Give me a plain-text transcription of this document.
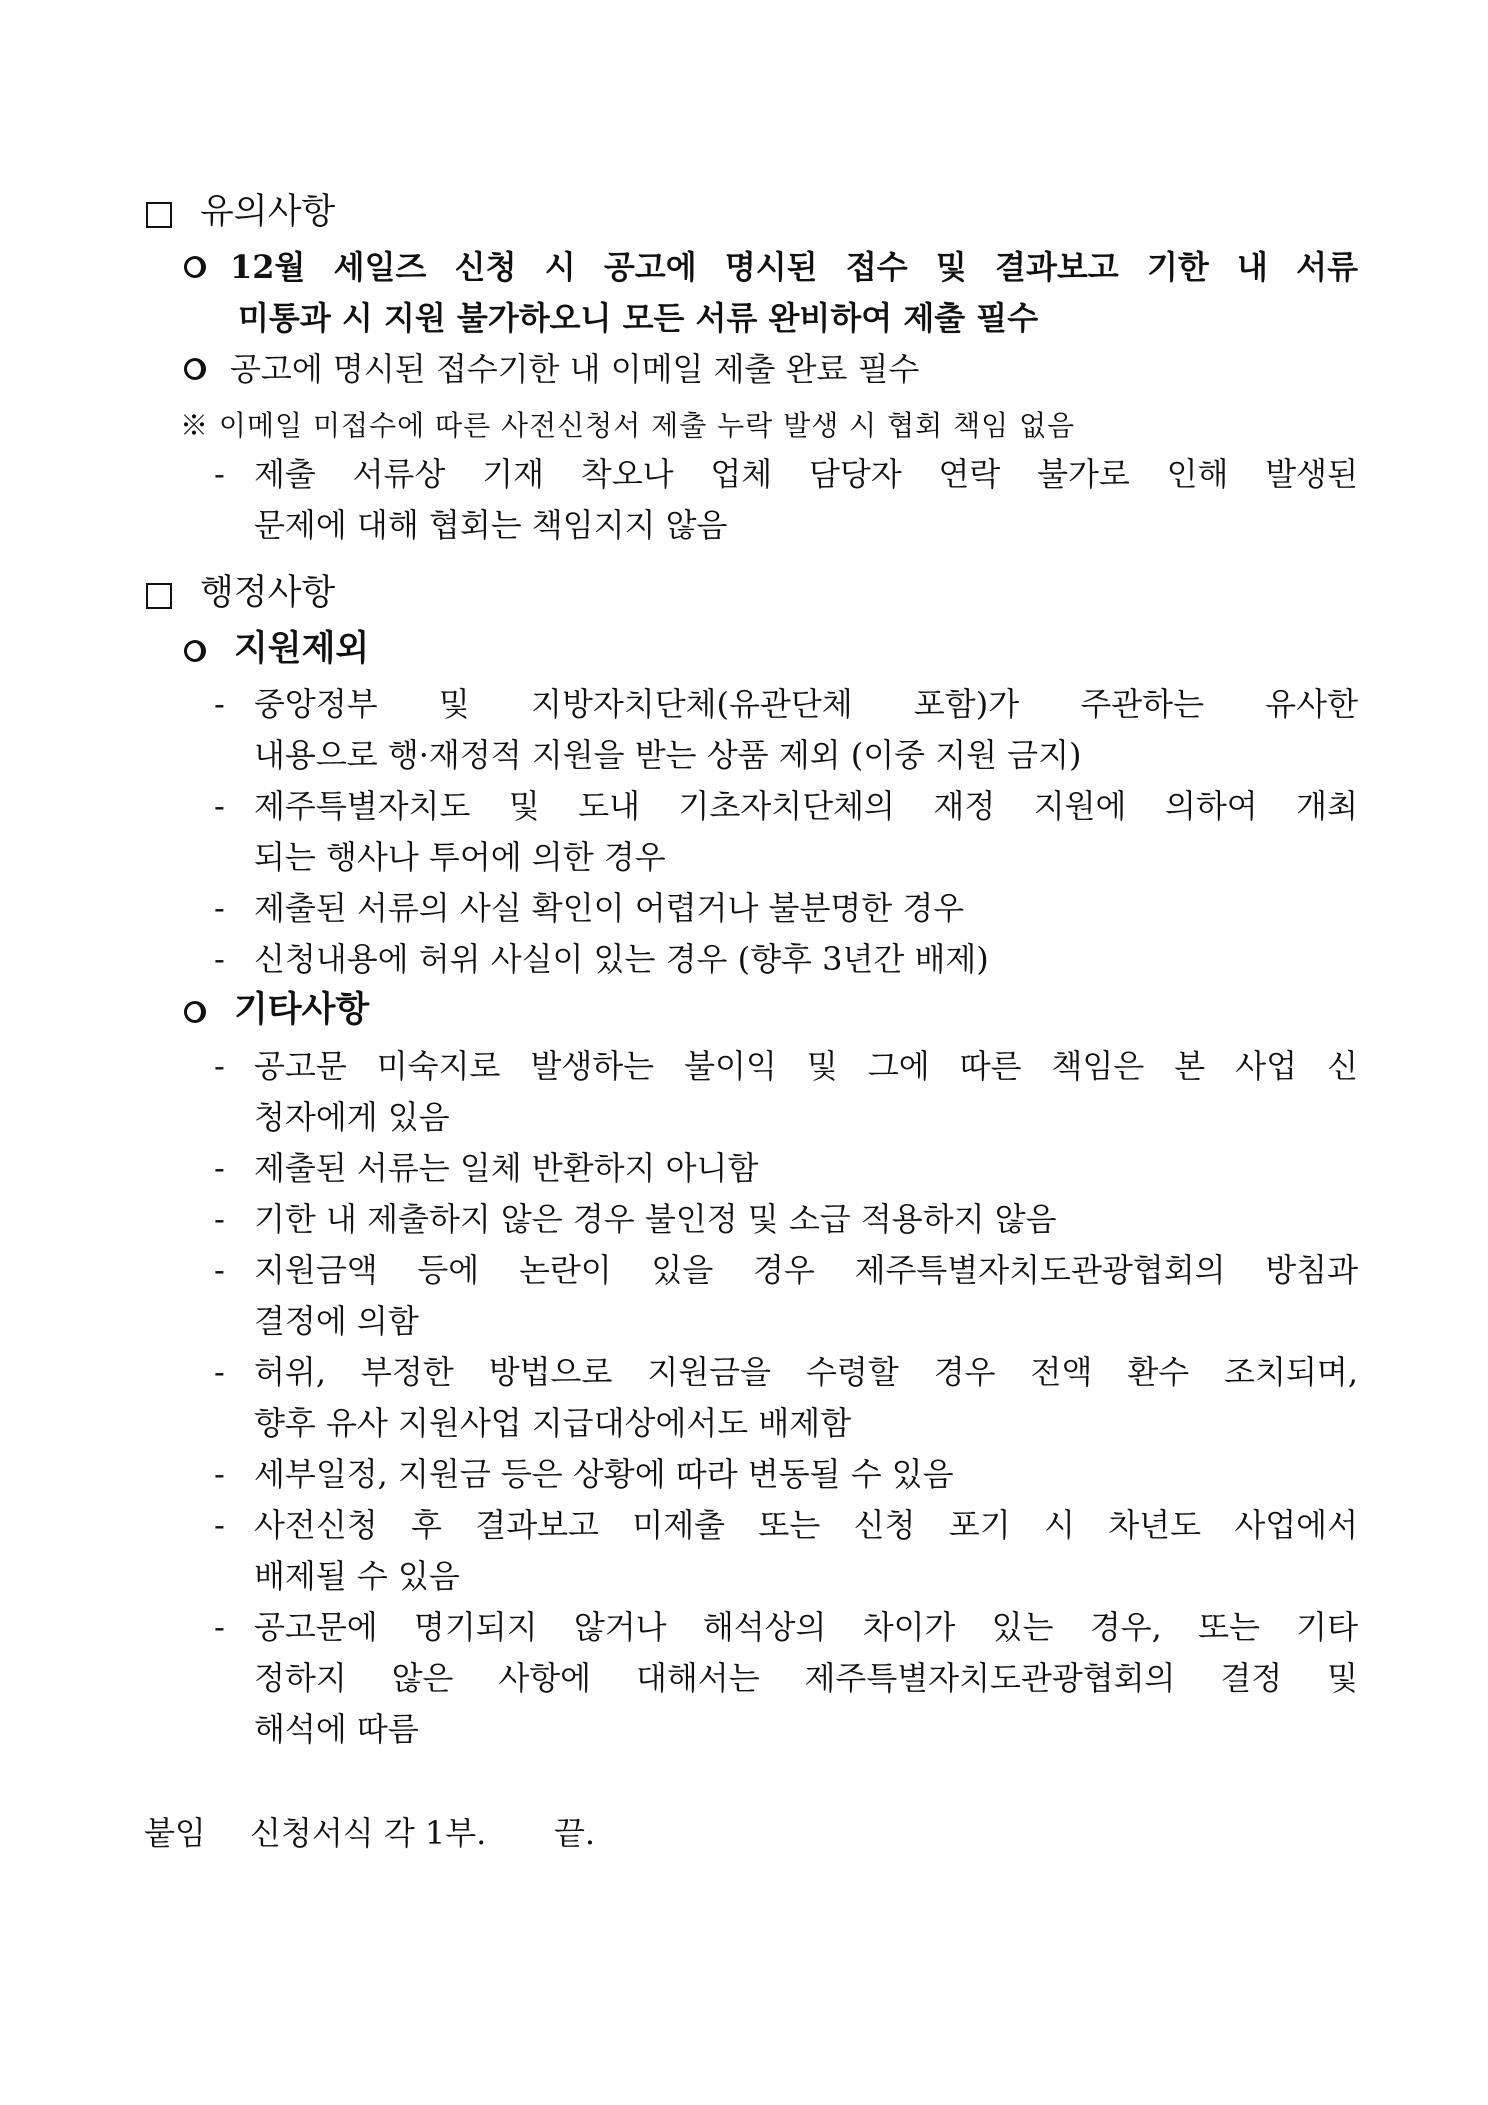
유의사항
12월 세일즈 신청 시 공고에 명시된 접수 및 결과보고 기한 내 서류
미통과 시 지원 불가하오니 모든 서류 완비하여 제출 필수
공고에 명시된 접수기한 내 이메일 제출 완료 필수
※ 이메일 미접수에 따른 사전신청서 제출 누락 발생 시 협회 책임 없음
- 제출 서류상 기재 착오나 업체 담당자 연락 불가로 인해 발생된
문제에 대해 협회는 책임지지 않음
행정사항
지원제외
- 중앙정부 및 지방자치단체(유관단체 포함)가 주관하는 유사한
내용으로 행·재정적 지원을 받는 상품 제외 (이중 지원 금지)
- 제주특별자치도 및 도내 기초자치단체의 재정 지원에 의하여 개최
되는 행사나 투어에 의한 경우
- 제출된 서류의 사실 확인이 어렵거나 불분명한 경우
- 신청내용에 허위 사실이 있는 경우 (향후 3년간 배제)
기타사항
- 공고문 미숙지로 발생하는 불이익 및 그에 따른 책임은 본 사업 신
청자에게 있음
- 제출된 서류는 일체 반환하지 아니함
- 기한 내 제출하지 않은 경우 불인정 및 소급 적용하지 않음
- 지원금액 등에 논란이 있을 경우 제주특별자치도관광협회의 방침과
결정에 의함
- 허위, 부정한 방법으로 지원금을 수령할 경우 전액 환수 조치되며,
향후 유사 지원사업 지급대상에서도 배제함
- 세부일정, 지원금 등은 상황에 따라 변동될 수 있음
- 사전신청 후 결과보고 미제출 또는 신청 포기 시 차년도 사업에서
배제될 수 있음
- 공고문에 명기되지 않거나 해석상의 차이가 있는 경우, 또는 기타
정하지 않은 사항에 대해서는 제주특별자치도관광협회의 결정 및
해석에 따름
붙임 신청서식 각 1부. 끝.
